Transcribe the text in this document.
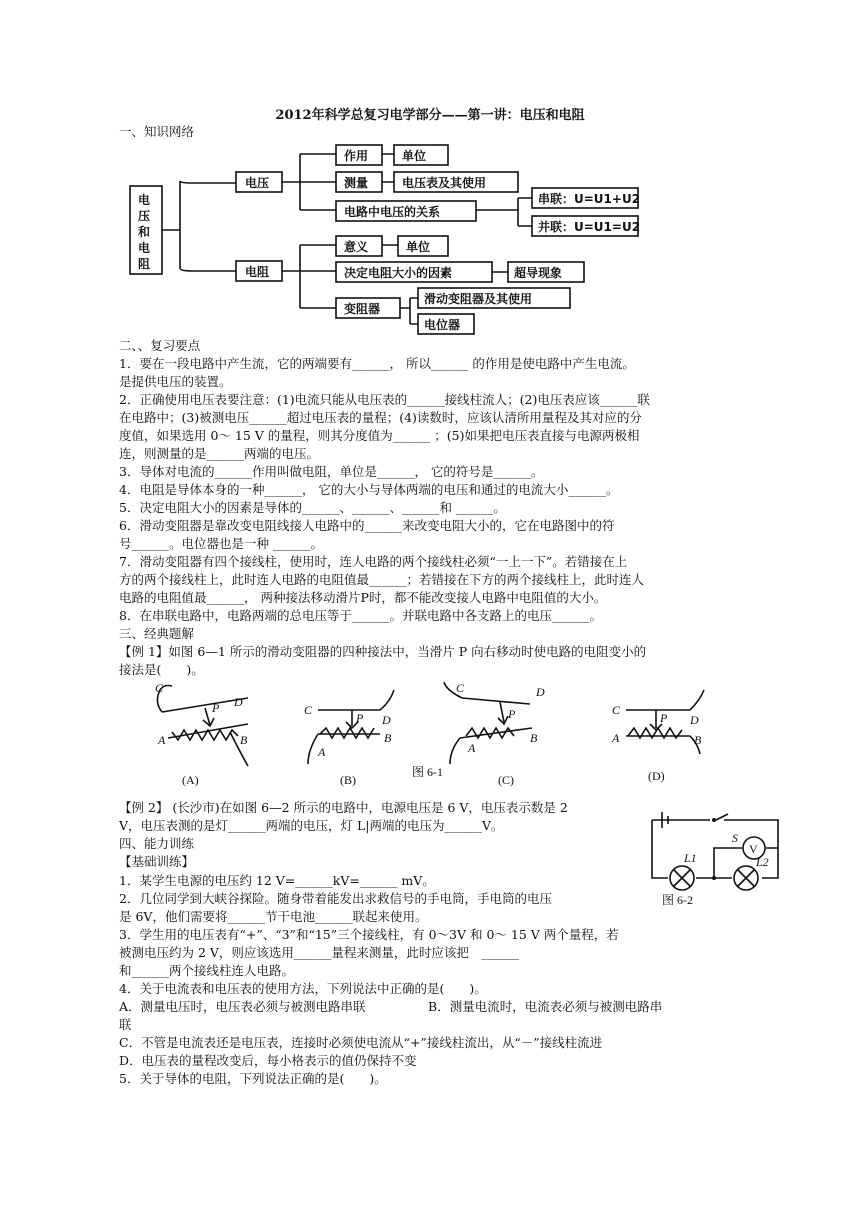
2012年科学总复习电学部分——第一讲：电压和电阻
一、知识网络
电
压
和
电
阻
电压
作用
测量
电路中电压的关系
单位
电压表及其使用
串联：U=U1+U2
并联：U=U1=U2
电阻
意义
决定电阻大小的因素
变阻器
单位
超导现象
滑动变阻器及其使用
电位器
二、、复习要点
1．要在一段电路中产生流，它的两端要有______， 所以______ 的作用是使电路中产生电流。
是提供电压的装置。
2．正确使用电压表要注意：(1)电流只能从电压表的______接线柱流人；(2)电压表应该______联
在电路中；(3)被测电压______超过电压表的量程；(4)读数时，应该认清所用量程及其对应的分
度值，如果选用 0～ 15 V 的量程，则其分度值为______ ；(5)如果把电压表直接与电源两极相
连，则测量的是______两端的电压。
3．导体对电流的______作用叫做电阻，单位是______， 它的符号是______。
4．电阻是导体本身的一种______， 它的大小与导体两端的电压和通过的电流大小______。
5．决定电阻大小的因素是导体的______、______、______和 ______。
6．滑动变阻器是靠改变电阻线接人电路中的______来改变电阻大小的，它在电路图中的符
号______。电位器也是一种 ______。
7．滑动变阻器有四个接线柱，使用时，连人电路的两个接线柱必须“一上一下”。若错接在上
方的两个接线柱上，此时连人电路的电阻值最______；若错接在下方的两个接线柱上，此时连人
电路的电阻值最______， 两种接法移动滑片P时，都不能改变接人电路中电阻值的大小。
8．在串联电路中，电路两端的总电压等于______。并联电路中各支路上的电压______。
三、经典题解
【例 1】如图 6—1 所示的滑动变阻器的四种接法中，当滑片 P 向右移动时使电路的电阻变小的
接法是(　　)。
C
D
A	B
P
(A)
C
D
A
B
P
(B)
C	D
A
B
P
(C)
C
D
A	B
P
(D)
图 6-1
V
S
L1	L2
图 6-2
【例 2】 (长沙市)在如图 6—2 所示的电路中，电源电压是 6 V，电压表示数是 2
V，电压表测的是灯______两端的电压，灯 L|两端的电压为______V。
四、能力训练
【基础训练】
1．某学生电源的电压约 12 V=______kV=______ mV。
2．几位同学到大峡谷探险。随身带着能发出求救信号的手电筒，手电筒的电压
是 6V，他们需要将______节干电池______联起来使用。
3．学生用的电压表有“+”、“3”和“15”三个接线柱，有 0～3V 和 0～ 15 V 两个量程，若
被测电压约为 2 V，则应该选用______量程来测量，此时应该把　______
和______两个接线柱连人电路。
4．关于电流表和电压表的使用方法，下列说法中正确的是(　　)。
A．测量电压时，电压表必须与被测电路串联　　　　　B．测量电流时，电流表必须与被测电路串
联
C．不管是电流表还是电压表，连接时必须使电流从“+”接线柱流出，从“－”接线柱流进
D．电压表的量程改变后，每小格表示的值仍保持不变
5．关于导体的电阻，下列说法正确的是(　　)。
